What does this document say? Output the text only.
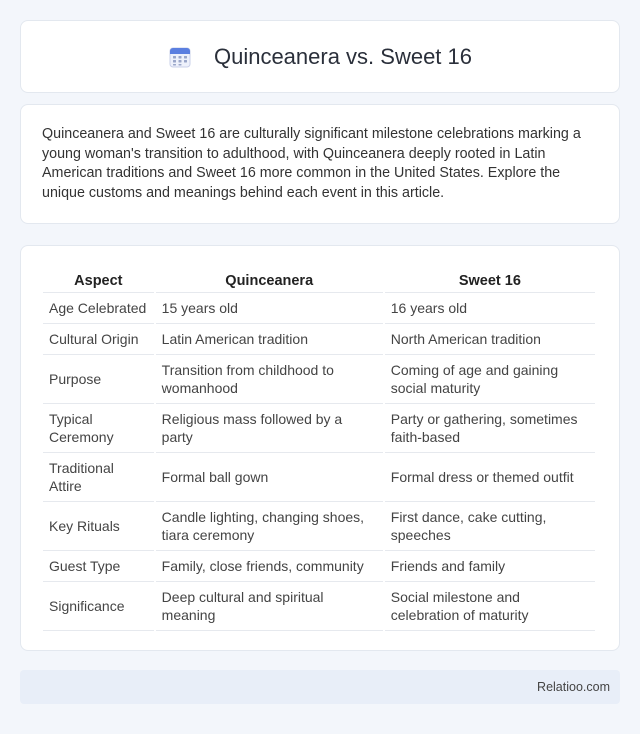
Quinceanera vs. Sweet 16

Quinceanera and Sweet 16 are culturally significant milestone celebrations marking a young woman's transition to adulthood, with Quinceanera deeply rooted in Latin American traditions and Sweet 16 more common in the United States. Explore the unique customs and meanings behind each event in this article.

Aspect	Quinceanera	Sweet 16
Age Celebrated	15 years old	16 years old
Cultural Origin	Latin American tradition	North American tradition
Purpose	Transition from childhood to womanhood	Coming of age and gaining social maturity
Typical Ceremony	Religious mass followed by a party	Party or gathering, sometimes faith-based
Traditional Attire	Formal ball gown	Formal dress or themed outfit
Key Rituals	Candle lighting, changing shoes, tiara ceremony	First dance, cake cutting, speeches
Guest Type	Family, close friends, community	Friends and family
Significance	Deep cultural and spiritual meaning	Social milestone and celebration of maturity
Relatioo.com
